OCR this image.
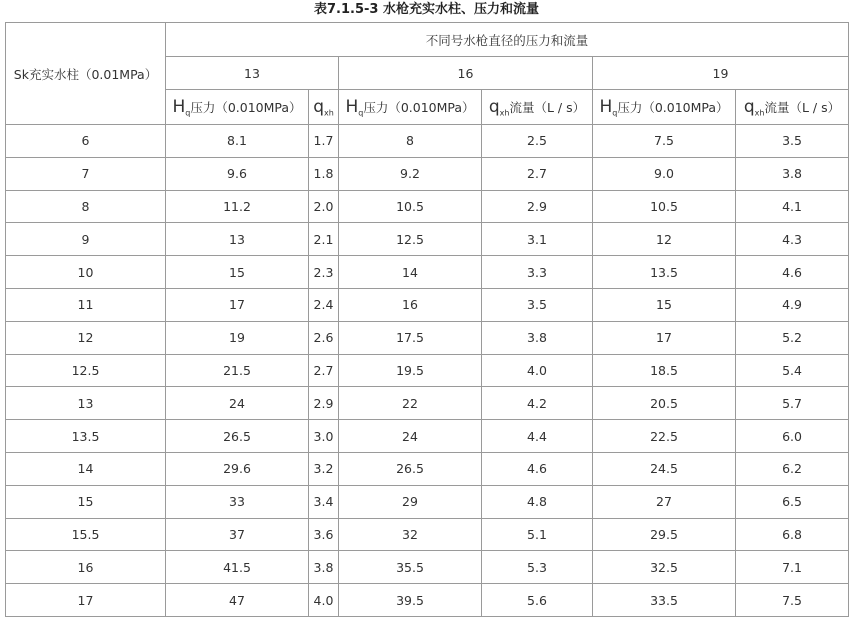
表7.1.5-3 水枪充实水柱、压力和流量
Sk充实水柱（0.01MPa）	不同号水枪直径的压力和流量					
	13		16		19	
	$H_q$压力（0.010MPa）	$q_{xh}$	$H_q$压力（0.010MPa）	$q_{xh}$流量（L / s）	$H_q$压力（0.010MPa）	$q_{xh}$流量（L / s）
6	8.1	1.7	8	2.5	7.5	3.5
7	9.6	1.8	9.2	2.7	9.0	3.8
8	11.2	2.0	10.5	2.9	10.5	4.1
9	13	2.1	12.5	3.1	12	4.3
10	15	2.3	14	3.3	13.5	4.6
11	17	2.4	16	3.5	15	4.9
12	19	2.6	17.5	3.8	17	5.2
12.5	21.5	2.7	19.5	4.0	18.5	5.4
13	24	2.9	22	4.2	20.5	5.7
13.5	26.5	3.0	24	4.4	22.5	6.0
14	29.6	3.2	26.5	4.6	24.5	6.2
15	33	3.4	29	4.8	27	6.5
15.5	37	3.6	32	5.1	29.5	6.8
16	41.5	3.8	35.5	5.3	32.5	7.1
17	47	4.0	39.5	5.6	33.5	7.5
